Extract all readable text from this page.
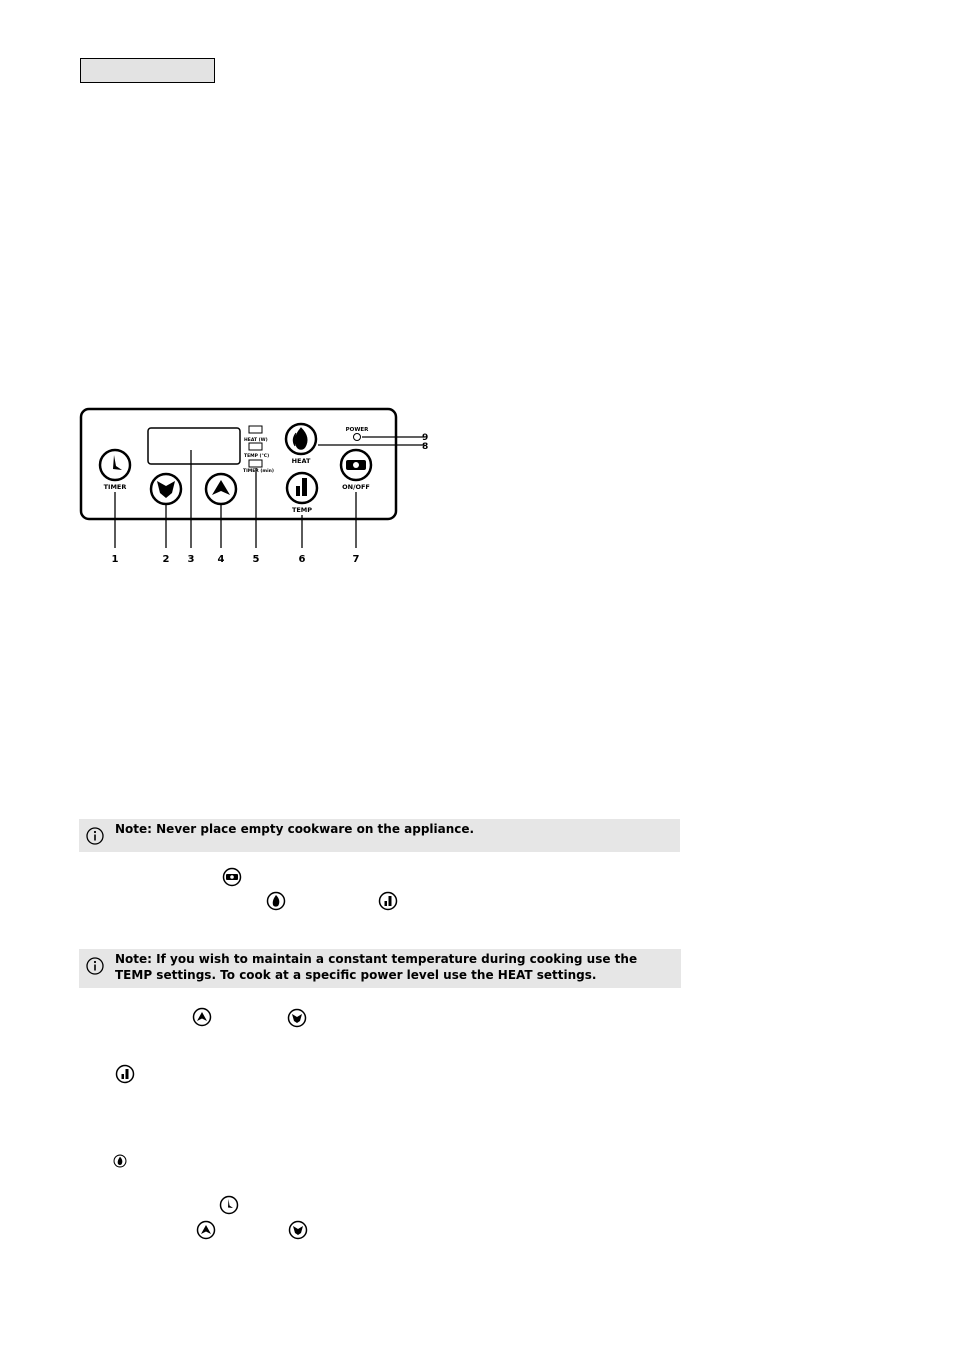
HEAT (W)
TEMP (°C)
TIMER (min)
TIMER
HEAT
TEMP
POWER
ON/OFF
1	2 3 4	5	6	7
9
8
Note: Never place empty cookware on the appliance.
Note: If you wish to maintain a constant temperature during cooking use the TEMP settings. To cook at a specific power level use the HEAT settings.
